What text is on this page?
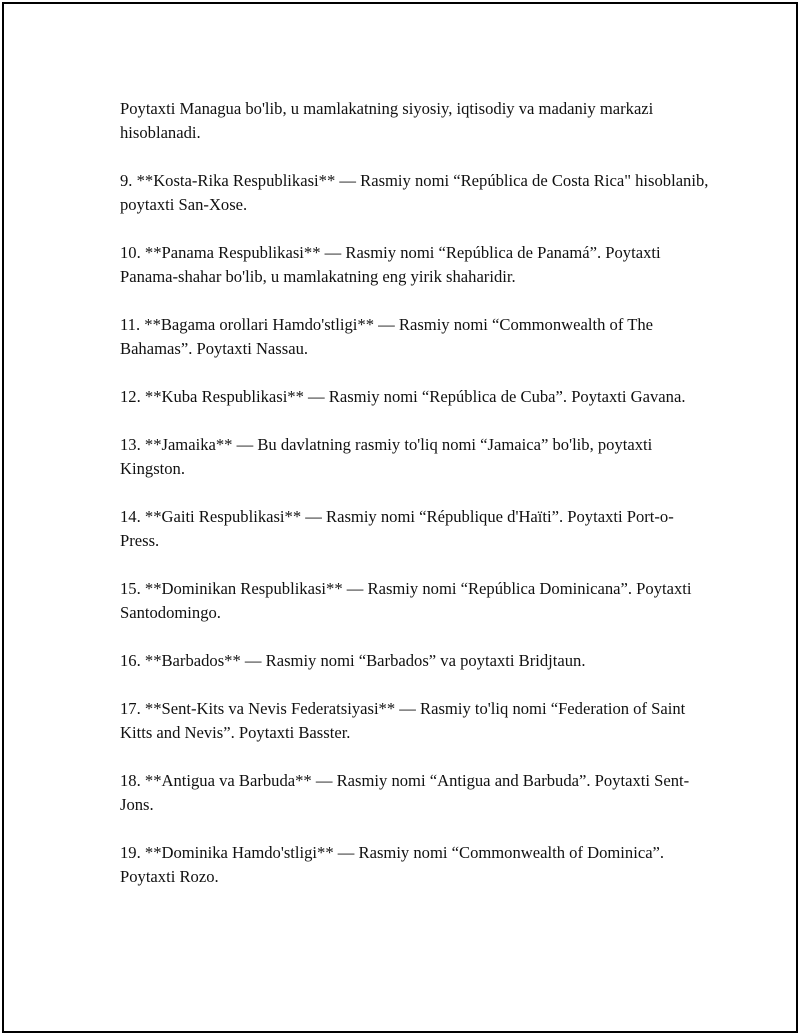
Poytaxti Managua bo'lib, u mamlakatning siyosiy, iqtisodiy va madaniy markazi hisoblanadi.

9. **Kosta-Rika Respublikasi** — Rasmiy nomi “República de Costa Rica" hisoblanib, poytaxti San-Xose.

10. **Panama Respublikasi** — Rasmiy nomi “República de Panamá”. Poytaxti Panama-shahar bo'lib, u mamlakatning eng yirik shaharidir.

11. **Bagama orollari Hamdo'stligi** — Rasmiy nomi “Commonwealth of The Bahamas”. Poytaxti Nassau.

12. **Kuba Respublikasi** — Rasmiy nomi “República de Cuba”. Poytaxti Gavana.

13. **Jamaika** — Bu davlatning rasmiy to'liq nomi “Jamaica” bo'lib, poytaxti Kingston.

14. **Gaiti Respublikasi** — Rasmiy nomi “République d'Haïti”. Poytaxti Port-o-Press.

15. **Dominikan Respublikasi** — Rasmiy nomi “República Dominicana”. Poytaxti Santodomingo.

16. **Barbados** — Rasmiy nomi “Barbados” va poytaxti Bridjtaun.

17. **Sent-Kits va Nevis Federatsiyasi** — Rasmiy to'liq nomi “Federation of Saint Kitts and Nevis”. Poytaxti Basster.

18. **Antigua va Barbuda** — Rasmiy nomi “Antigua and Barbuda”. Poytaxti Sent-Jons.

19. **Dominika Hamdo'stligi** — Rasmiy nomi “Commonwealth of Dominica”. Poytaxti Rozo.
